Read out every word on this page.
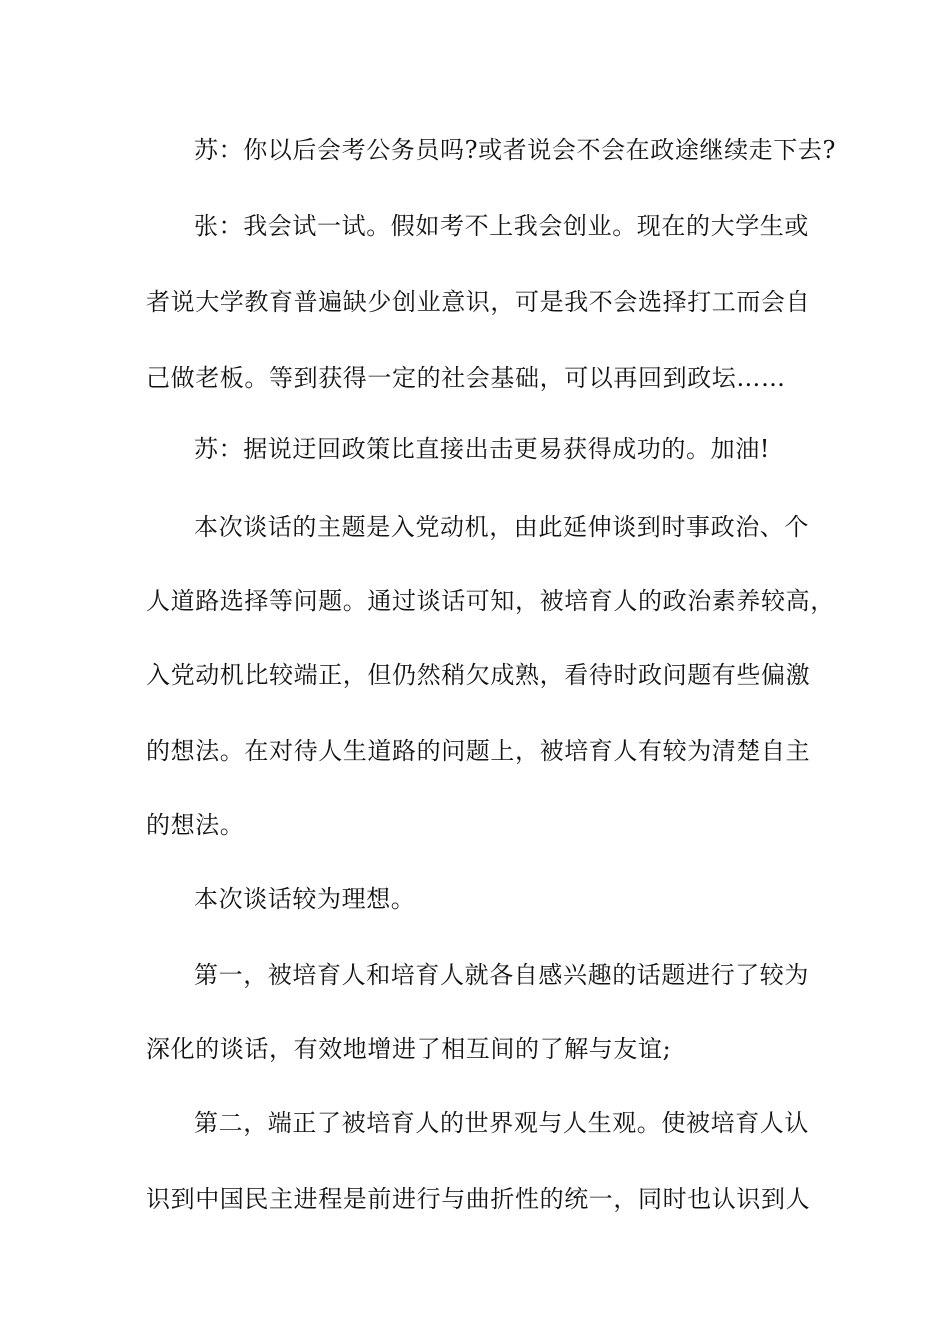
苏：你以后会考公务员吗?或者说会不会在政途继续走下去?
张：我会试一试。假如考不上我会创业。现在的大学生或
者说大学教育普遍缺少创业意识，可是我不会选择打工而会自
己做老板。等到获得一定的社会基础，可以再回到政坛……
苏：据说迂回政策比直接出击更易获得成功的。加油!
本次谈话的主题是入党动机，由此延伸谈到时事政治、个
人道路选择等问题。通过谈话可知，被培育人的政治素养较高，
入党动机比较端正，但仍然稍欠成熟，看待时政问题有些偏激
的想法。在对待人生道路的问题上，被培育人有较为清楚自主
的想法。
本次谈话较为理想。
第一，被培育人和培育人就各自感兴趣的话题进行了较为
深化的谈话，有效地增进了相互间的了解与友谊;
第二，端正了被培育人的世界观与人生观。使被培育人认
识到中国民主进程是前进行与曲折性的统一，同时也认识到人
